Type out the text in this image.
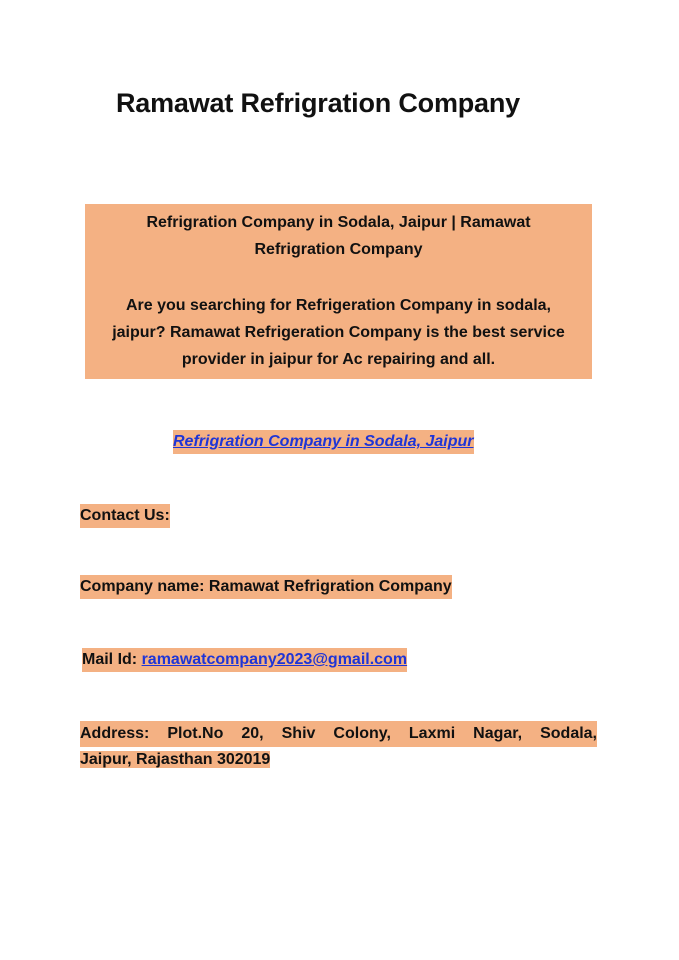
Ramawat Refrigration Company

Refrigration Company in Sodala, Jaipur | Ramawat

Refrigration Company

Are you searching for Refrigeration Company in sodala,

jaipur? Ramawat Refrigeration Company is the best service

provider in jaipur for Ac repairing and all.

Refrigration Company in Sodala, Jaipur
Contact Us:
Company name: Ramawat Refrigration Company
Mail Id: ramawatcompany2023@gmail.com
Address: Plot.No 20, Shiv Colony, Laxmi Nagar, Sodala,
Jaipur, Rajasthan 302019
